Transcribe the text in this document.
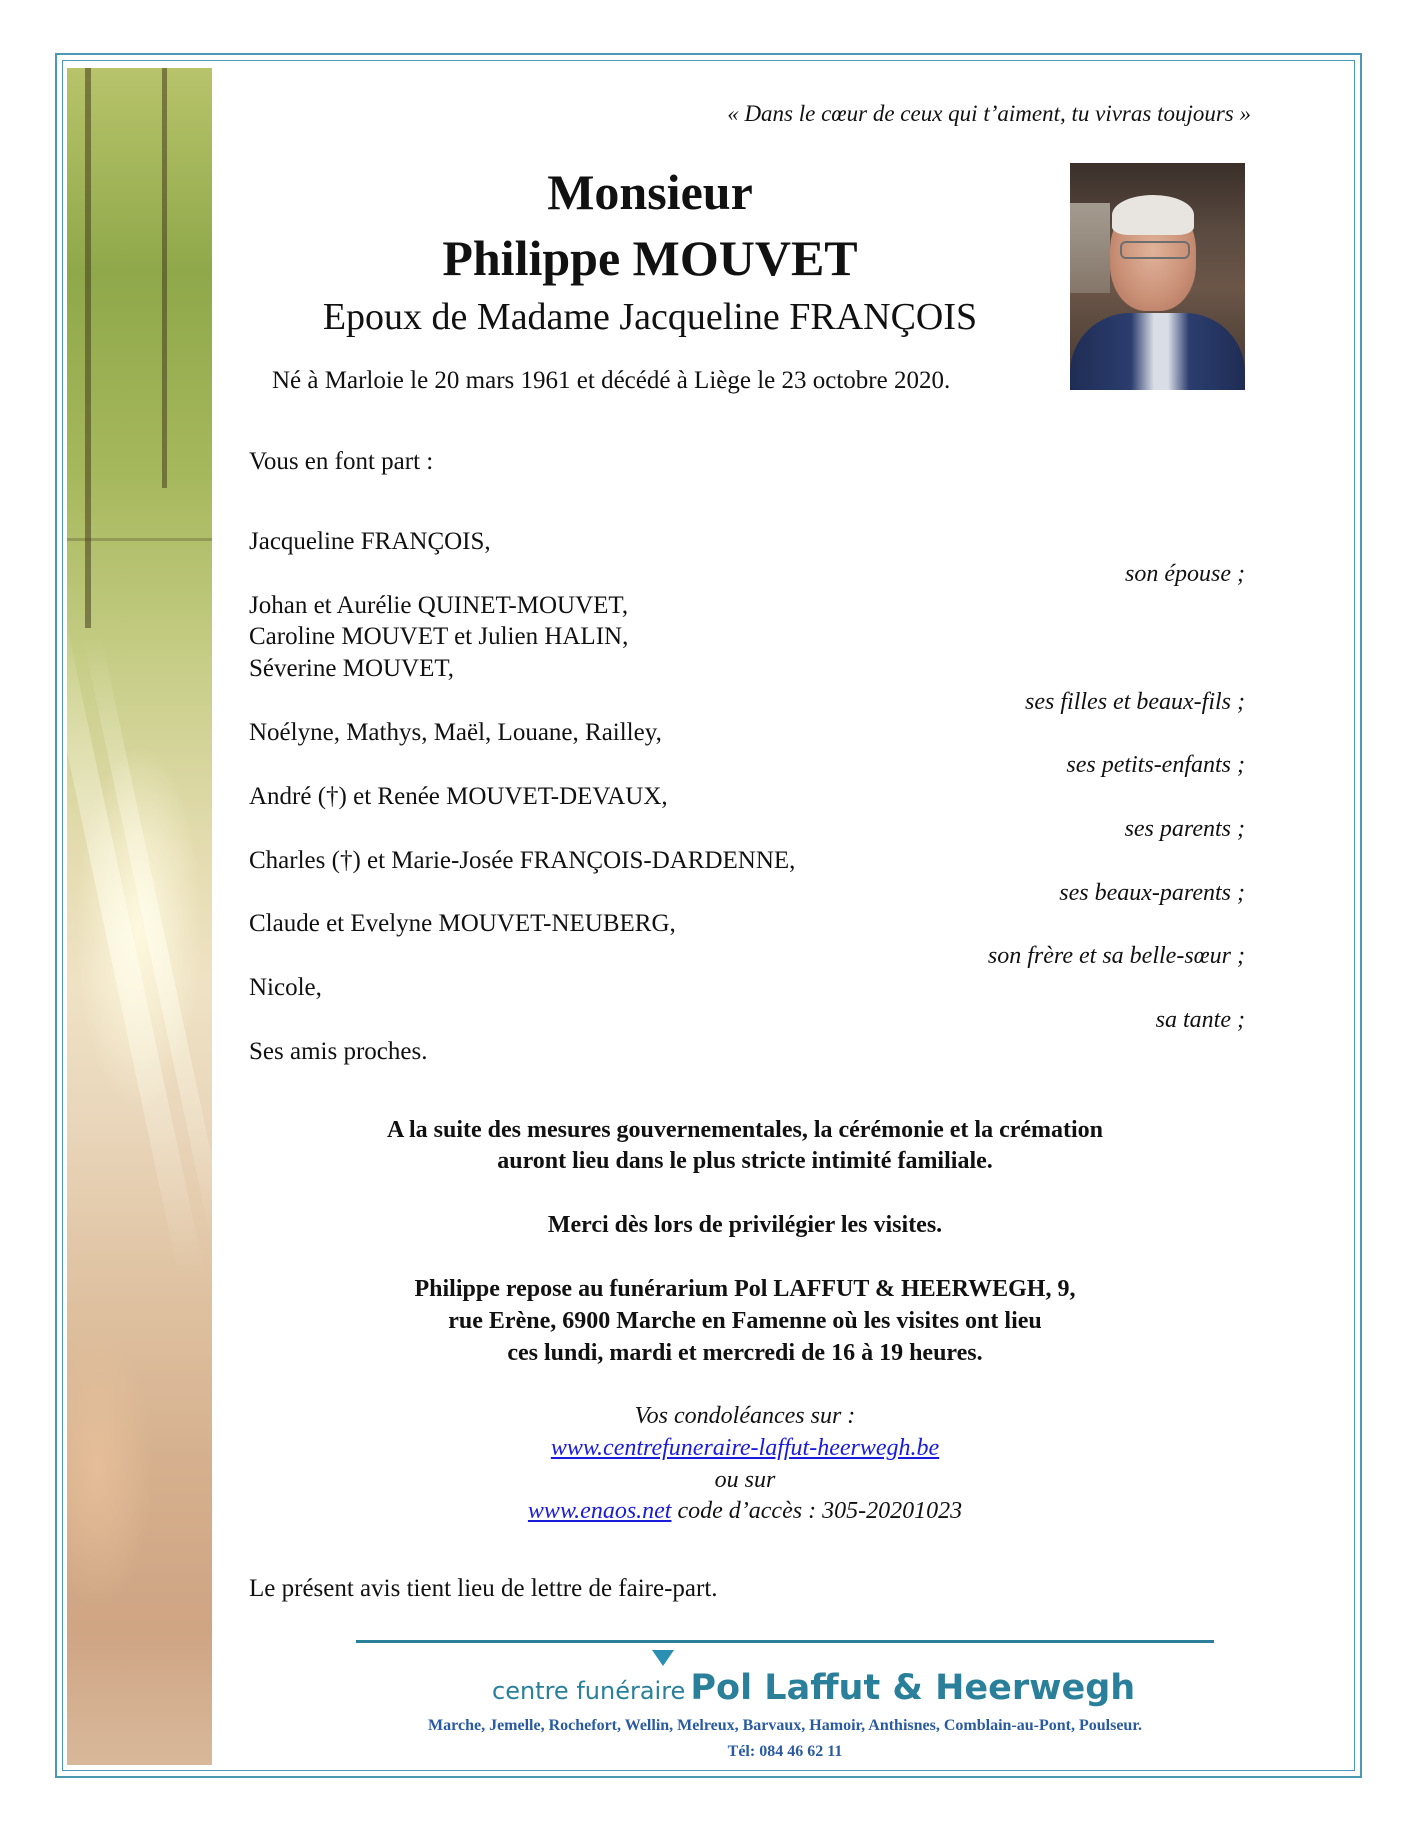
« Dans le cœur de ceux qui t’aiment, tu vivras toujours »
Monsieur
Philippe MOUVET
Epoux de Madame Jacqueline FRANÇOIS
Né à Marloie le 20 mars 1961 et décédé à Liège le 23 octobre 2020.
Vous en font part :
Jacqueline FRANÇOIS,
son épouse ;
Johan et Aurélie QUINET-MOUVET,
Caroline MOUVET et Julien HALIN,
Séverine MOUVET,
ses filles et beaux-fils ;
Noélyne, Mathys, Maël, Louane, Railley,
ses petits-enfants ;
André (†) et Renée MOUVET-DEVAUX,
ses parents ;
Charles (†) et Marie-Josée FRANÇOIS-DARDENNE,
ses beaux-parents ;
Claude et Evelyne MOUVET-NEUBERG,
son frère et sa belle-sœur ;
Nicole,
sa tante ;
Ses amis proches.
A la suite des mesures gouvernementales, la cérémonie et la crémation
auront lieu dans le plus stricte intimité familiale.
Merci dès lors de privilégier les visites.
Philippe repose au funérarium Pol LAFFUT & HEERWEGH, 9,
rue Erène, 6900 Marche en Famenne où les visites ont lieu
ces lundi, mardi et mercredi de 16 à 19 heures.
Vos condoléances sur :
www.centrefuneraire-laffut-heerwegh.be
ou sur
www.enaos.net code d’accès : 305-20201023
Le présent avis tient lieu de lettre de faire-part.
centre funéraire Pol Laffut & Heerwegh
Marche, Jemelle, Rochefort, Wellin, Melreux, Barvaux, Hamoir, Anthisnes, Comblain-au-Pont, Poulseur.
Tél: 084 46 62 11
